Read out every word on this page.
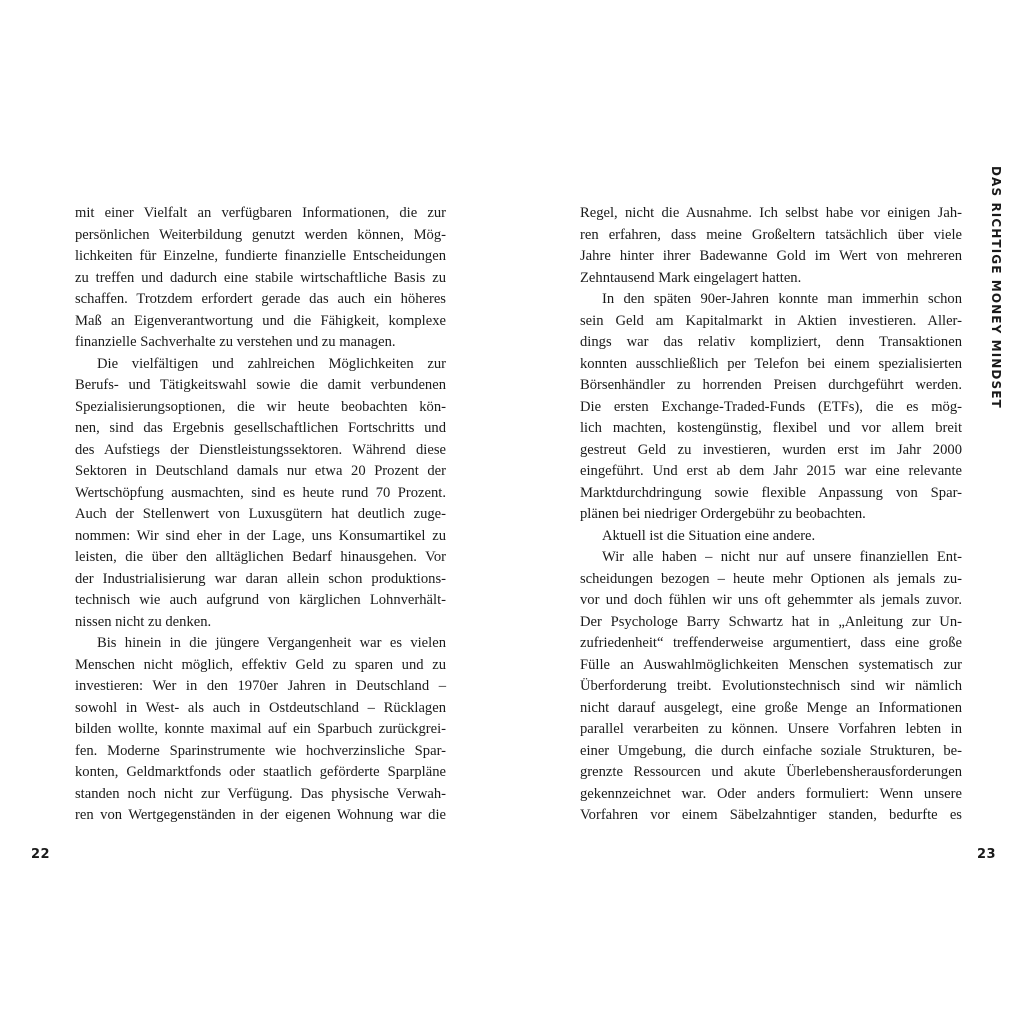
mit einer Vielfalt an verfügbaren Informationen, die zur
persönlichen Weiterbildung genutzt werden können, Mög-
lichkeiten für Einzelne, fundierte finanzielle Entscheidungen
zu treffen und dadurch eine stabile wirtschaftliche Basis zu
schaffen. Trotzdem erfordert gerade das auch ein höheres
Maß an Eigenverantwortung und die Fähigkeit, komplexe
finanzielle Sachverhalte zu verstehen und zu managen.
Die vielfältigen und zahlreichen Möglichkeiten zur
Berufs- und Tätigkeitswahl sowie die damit verbundenen
Spezialisierungsoptionen, die wir heute beobachten kön-
nen, sind das Ergebnis gesellschaftlichen Fortschritts und
des Aufstiegs der Dienstleistungssektoren. Während diese
Sektoren in Deutschland damals nur etwa 20 Prozent der
Wertschöpfung ausmachten, sind es heute rund 70 Prozent.
Auch der Stellenwert von Luxusgütern hat deutlich zuge-
nommen: Wir sind eher in der Lage, uns Konsumartikel zu
leisten, die über den alltäglichen Bedarf hinausgehen. Vor
der Industrialisierung war daran allein schon produktions-
technisch wie auch aufgrund von kärglichen Lohnverhält-
nissen nicht zu denken.
Bis hinein in die jüngere Vergangenheit war es vielen
Menschen nicht möglich, effektiv Geld zu sparen und zu
investieren: Wer in den 1970er Jahren in Deutschland –
sowohl in West- als auch in Ostdeutschland – Rücklagen
bilden wollte, konnte maximal auf ein Sparbuch zurückgrei-
fen. Moderne Sparinstrumente wie hochverzinsliche Spar-
konten, Geldmarktfonds oder staatlich geförderte Sparpläne
standen noch nicht zur Verfügung. Das physische Verwah-
ren von Wertgegenständen in der eigenen Wohnung war die
22
Regel, nicht die Ausnahme. Ich selbst habe vor einigen Jah-
ren erfahren, dass meine Großeltern tatsächlich über viele
Jahre hinter ihrer Badewanne Gold im Wert von mehreren
Zehntausend Mark eingelagert hatten.
In den späten 90er-Jahren konnte man immerhin schon
sein Geld am Kapitalmarkt in Aktien investieren. Aller-
dings war das relativ kompliziert, denn Transaktionen
konnten ausschließlich per Telefon bei einem spezialisierten
Börsenhändler zu horrenden Preisen durchgeführt werden.
Die ersten Exchange-Traded-Funds (ETFs), die es mög-
lich machten, kostengünstig, flexibel und vor allem breit
gestreut Geld zu investieren, wurden erst im Jahr 2000
eingeführt. Und erst ab dem Jahr 2015 war eine relevante
Marktdurchdringung sowie flexible Anpassung von Spar-
plänen bei niedriger Ordergebühr zu beobachten.
Aktuell ist die Situation eine andere.
Wir alle haben – nicht nur auf unsere finanziellen Ent-
scheidungen bezogen – heute mehr Optionen als jemals zu-
vor und doch fühlen wir uns oft gehemmter als jemals zuvor.
Der Psychologe Barry Schwartz hat in „Anleitung zur Un-
zufriedenheit“ treffenderweise argumentiert, dass eine große
Fülle an Auswahlmöglichkeiten Menschen systematisch zur
Überforderung treibt. Evolutionstechnisch sind wir nämlich
nicht darauf ausgelegt, eine große Menge an Informationen
parallel verarbeiten zu können. Unsere Vorfahren lebten in
einer Umgebung, die durch einfache soziale Strukturen, be-
grenzte Ressourcen und akute Überlebensherausforderungen
gekennzeichnet war. Oder anders formuliert: Wenn unsere
Vorfahren vor einem Säbelzahntiger standen, bedurfte es
DAS RICHTIGE MONEY MINDSET
23
